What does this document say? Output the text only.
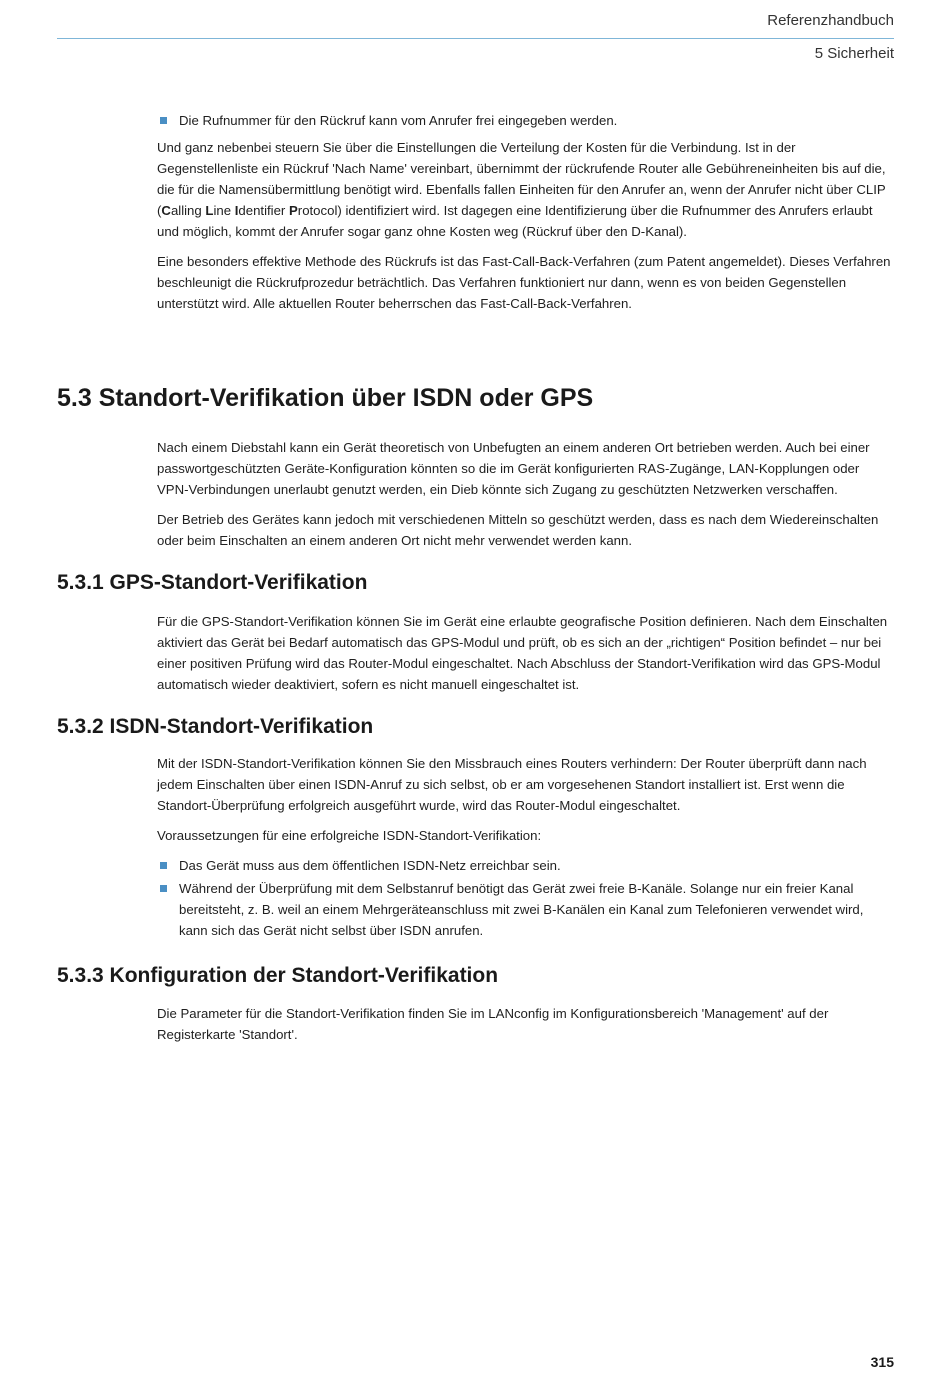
Referenzhandbuch
5 Sicherheit
Die Rufnummer für den Rückruf kann vom Anrufer frei eingegeben werden.

Und ganz nebenbei steuern Sie über die Einstellungen die Verteilung der Kosten für die Verbindung. Ist in der Gegenstellenliste ein Rückruf 'Nach Name' vereinbart, übernimmt der rückrufende Router alle Gebühreneinheiten bis auf die, die für die Namensübermittlung benötigt wird. Ebenfalls fallen Einheiten für den Anrufer an, wenn der Anrufer nicht über CLIP (Calling Line Identifier Protocol) identifiziert wird. Ist dagegen eine Identifizierung über die Rufnummer des Anrufers erlaubt und möglich, kommt der Anrufer sogar ganz ohne Kosten weg (Rückruf über den D-Kanal).

Eine besonders effektive Methode des Rückrufs ist das Fast-Call-Back-Verfahren (zum Patent angemeldet). Dieses Verfahren beschleunigt die Rückrufprozedur beträchtlich. Das Verfahren funktioniert nur dann, wenn es von beiden Gegenstellen unterstützt wird. Alle aktuellen Router beherrschen das Fast-Call-Back-Verfahren.

5.3 Standort-Verifikation über ISDN oder GPS

Nach einem Diebstahl kann ein Gerät theoretisch von Unbefugten an einem anderen Ort betrieben werden. Auch bei einer passwortgeschützten Geräte-Konfiguration könnten so die im Gerät konfigurierten RAS-Zugänge, LAN-Kopplungen oder VPN-Verbindungen unerlaubt genutzt werden, ein Dieb könnte sich Zugang zu geschützten Netzwerken verschaffen.

Der Betrieb des Gerätes kann jedoch mit verschiedenen Mitteln so geschützt werden, dass es nach dem Wiedereinschalten oder beim Einschalten an einem anderen Ort nicht mehr verwendet werden kann.

5.3.1 GPS-Standort-Verifikation

Für die GPS-Standort-Verifikation können Sie im Gerät eine erlaubte geografische Position definieren. Nach dem Einschalten aktiviert das Gerät bei Bedarf automatisch das GPS-Modul und prüft, ob es sich an der „richtigen“ Position befindet – nur bei einer positiven Prüfung wird das Router-Modul eingeschaltet. Nach Abschluss der Standort-Verifikation wird das GPS-Modul automatisch wieder deaktiviert, sofern es nicht manuell eingeschaltet ist.

5.3.2 ISDN-Standort-Verifikation

Mit der ISDN-Standort-Verifikation können Sie den Missbrauch eines Routers verhindern: Der Router überprüft dann nach jedem Einschalten über einen ISDN-Anruf zu sich selbst, ob er am vorgesehenen Standort installiert ist. Erst wenn die Standort-Überprüfung erfolgreich ausgeführt wurde, wird das Router-Modul eingeschaltet.

Voraussetzungen für eine erfolgreiche ISDN-Standort-Verifikation:

Das Gerät muss aus dem öffentlichen ISDN-Netz erreichbar sein.
Während der Überprüfung mit dem Selbstanruf benötigt das Gerät zwei freie B-Kanäle. Solange nur ein freier Kanal bereitsteht, z. B. weil an einem Mehrgeräteanschluss mit zwei B-Kanälen ein Kanal zum Telefonieren verwendet wird, kann sich das Gerät nicht selbst über ISDN anrufen.
5.3.3 Konfiguration der Standort-Verifikation

Die Parameter für die Standort-Verifikation finden Sie im LANconfig im Konfigurationsbereich 'Management' auf der Registerkarte 'Standort'.

315
